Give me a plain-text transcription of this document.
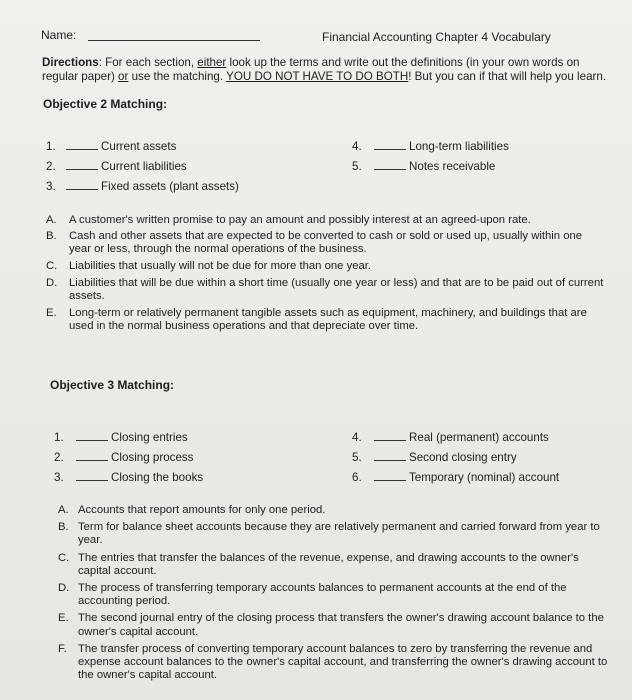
Name:	Financial Accounting Chapter 4 Vocabulary
Directions: For each section, either look up the terms and write out the definitions (in your own words on
regular paper) or use the matching. YOU DO NOT HAVE TO DO BOTH! But you can if that will help you learn.
Objective 2 Matching:
1.	Current assets
2.	Current liabilities
3.	Fixed assets (plant assets)
4.	Long-term liabilities
5.	Notes receivable
A. A customer's written promise to pay an amount and possibly interest at an agreed-upon rate.
B. Cash and other assets that are expected to be converted to cash or sold or used up, usually within one year or less, through the normal operations of the business.
C. Liabilities that usually will not be due for more than one year.
D. Liabilities that will be due within a short time (usually one year or less) and that are to be paid out of current assets.
E. Long-term or relatively permanent tangible assets such as equipment, machinery, and buildings that are used in the normal business operations and that depreciate over time.
Objective 3 Matching:
1.	Closing entries
2.	Closing process
3.	Closing the books
4.	Real (permanent) accounts
5.	Second closing entry
6.	Temporary (nominal) account
A. Accounts that report amounts for only one period.
B. Term for balance sheet accounts because they are relatively permanent and carried forward from year to year.
C. The entries that transfer the balances of the revenue, expense, and drawing accounts to the owner's capital account.
D. The process of transferring temporary accounts balances to permanent accounts at the end of the accounting period.
E. The second journal entry of the closing process that transfers the owner's drawing account balance to the owner's capital account.
F. The transfer process of converting temporary account balances to zero by transferring the revenue and expense account balances to the owner's capital account, and transferring the owner's drawing account to the owner's capital account.
